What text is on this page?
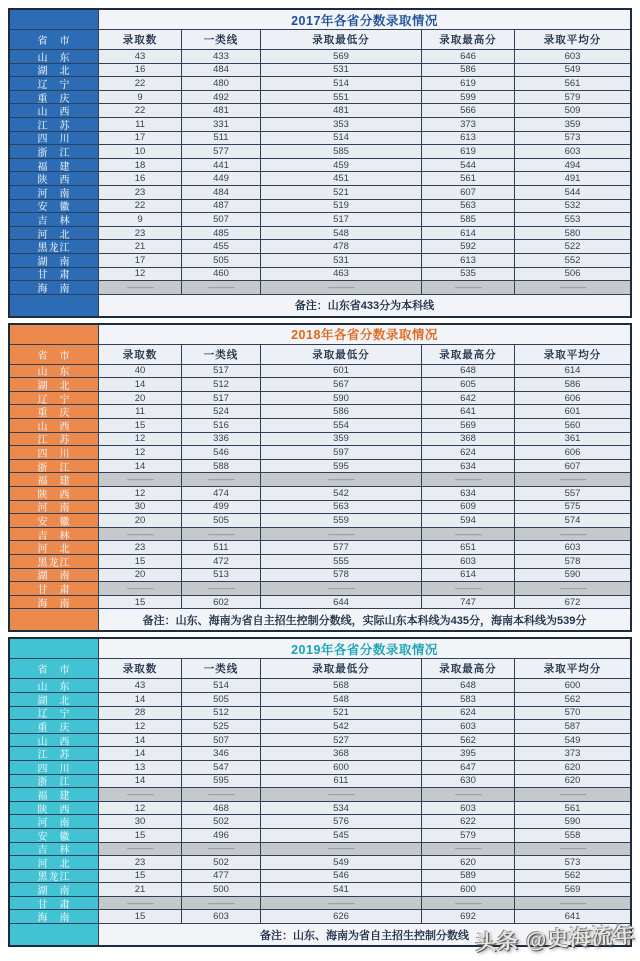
2017年各省分数录取情况
省　市	录取数	一类线	录取最低分	录取最高分	录取平均分
山　东	43	433	569	646	603
湖　北	16	484	531	586	549
辽　宁	22	480	514	619	561
重　庆	9	492	551	599	579
山　西	22	481	481	566	509
江　苏	11	331	353	373	359
四　川	17	511	514	613	573
浙　江	10	577	585	619	603
福　建	18	441	459	544	494
陕　西	16	449	451	561	491
河　南	23	484	521	607	544
安　徽	22	487	519	563	532
吉　林	9	507	517	585	553
河　北	23	485	548	614	580
黑龙江	21	455	478	592	522
湖　南	17	505	531	613	552
甘　肃	12	460	463	535	506
海　南	———	———	———	———	———
备注：山东省433分为本科线
2018年各省分数录取情况
省　市	录取数	一类线	录取最低分	录取最高分	录取平均分
山　东	40	517	601	648	614
湖　北	14	512	567	605	586
辽　宁	20	517	590	642	606
重　庆	11	524	586	641	601
山　西	15	516	554	569	560
江　苏	12	336	359	368	361
四　川	12	546	597	624	606
浙　江	14	588	595	634	607
福　建	———	———	———	———	———
陕　西	12	474	542	634	557
河　南	30	499	563	609	575
安　徽	20	505	559	594	574
吉　林	———	———	———	———	———
河　北	23	511	577	651	603
黑龙江	15	472	555	603	578
湖　南	20	513	578	614	590
甘　肃	———	———	———	———	———
海　南	15	602	644	747	672
备注：山东、海南为省自主招生控制分数线，实际山东本科线为435分，海南本科线为539分
2019年各省分数录取情况
省　市	录取数	一类线	录取最低分	录取最高分	录取平均分
山　东	43	514	568	648	600
湖　北	14	505	548	583	562
辽　宁	28	512	521	624	570
重　庆	12	525	542	603	587
山　西	14	507	527	562	549
江　苏	14	346	368	395	373
四　川	13	547	600	647	620
浙　江	14	595	611	630	620
福　建	———	———	———	———	———
陕　西	12	468	534	603	561
河　南	30	502	576	622	590
安　徽	15	496	545	579	558
吉　林	———	———	———	———	———
河　北	23	502	549	620	573
黑龙江	15	477	546	589	562
湖　南	21	500	541	600	569
甘　肃	———	———	———	———	———
海　南	15	603	626	692	641
备注：山东、海南为省自主招生控制分数线 头条 @史海流年
